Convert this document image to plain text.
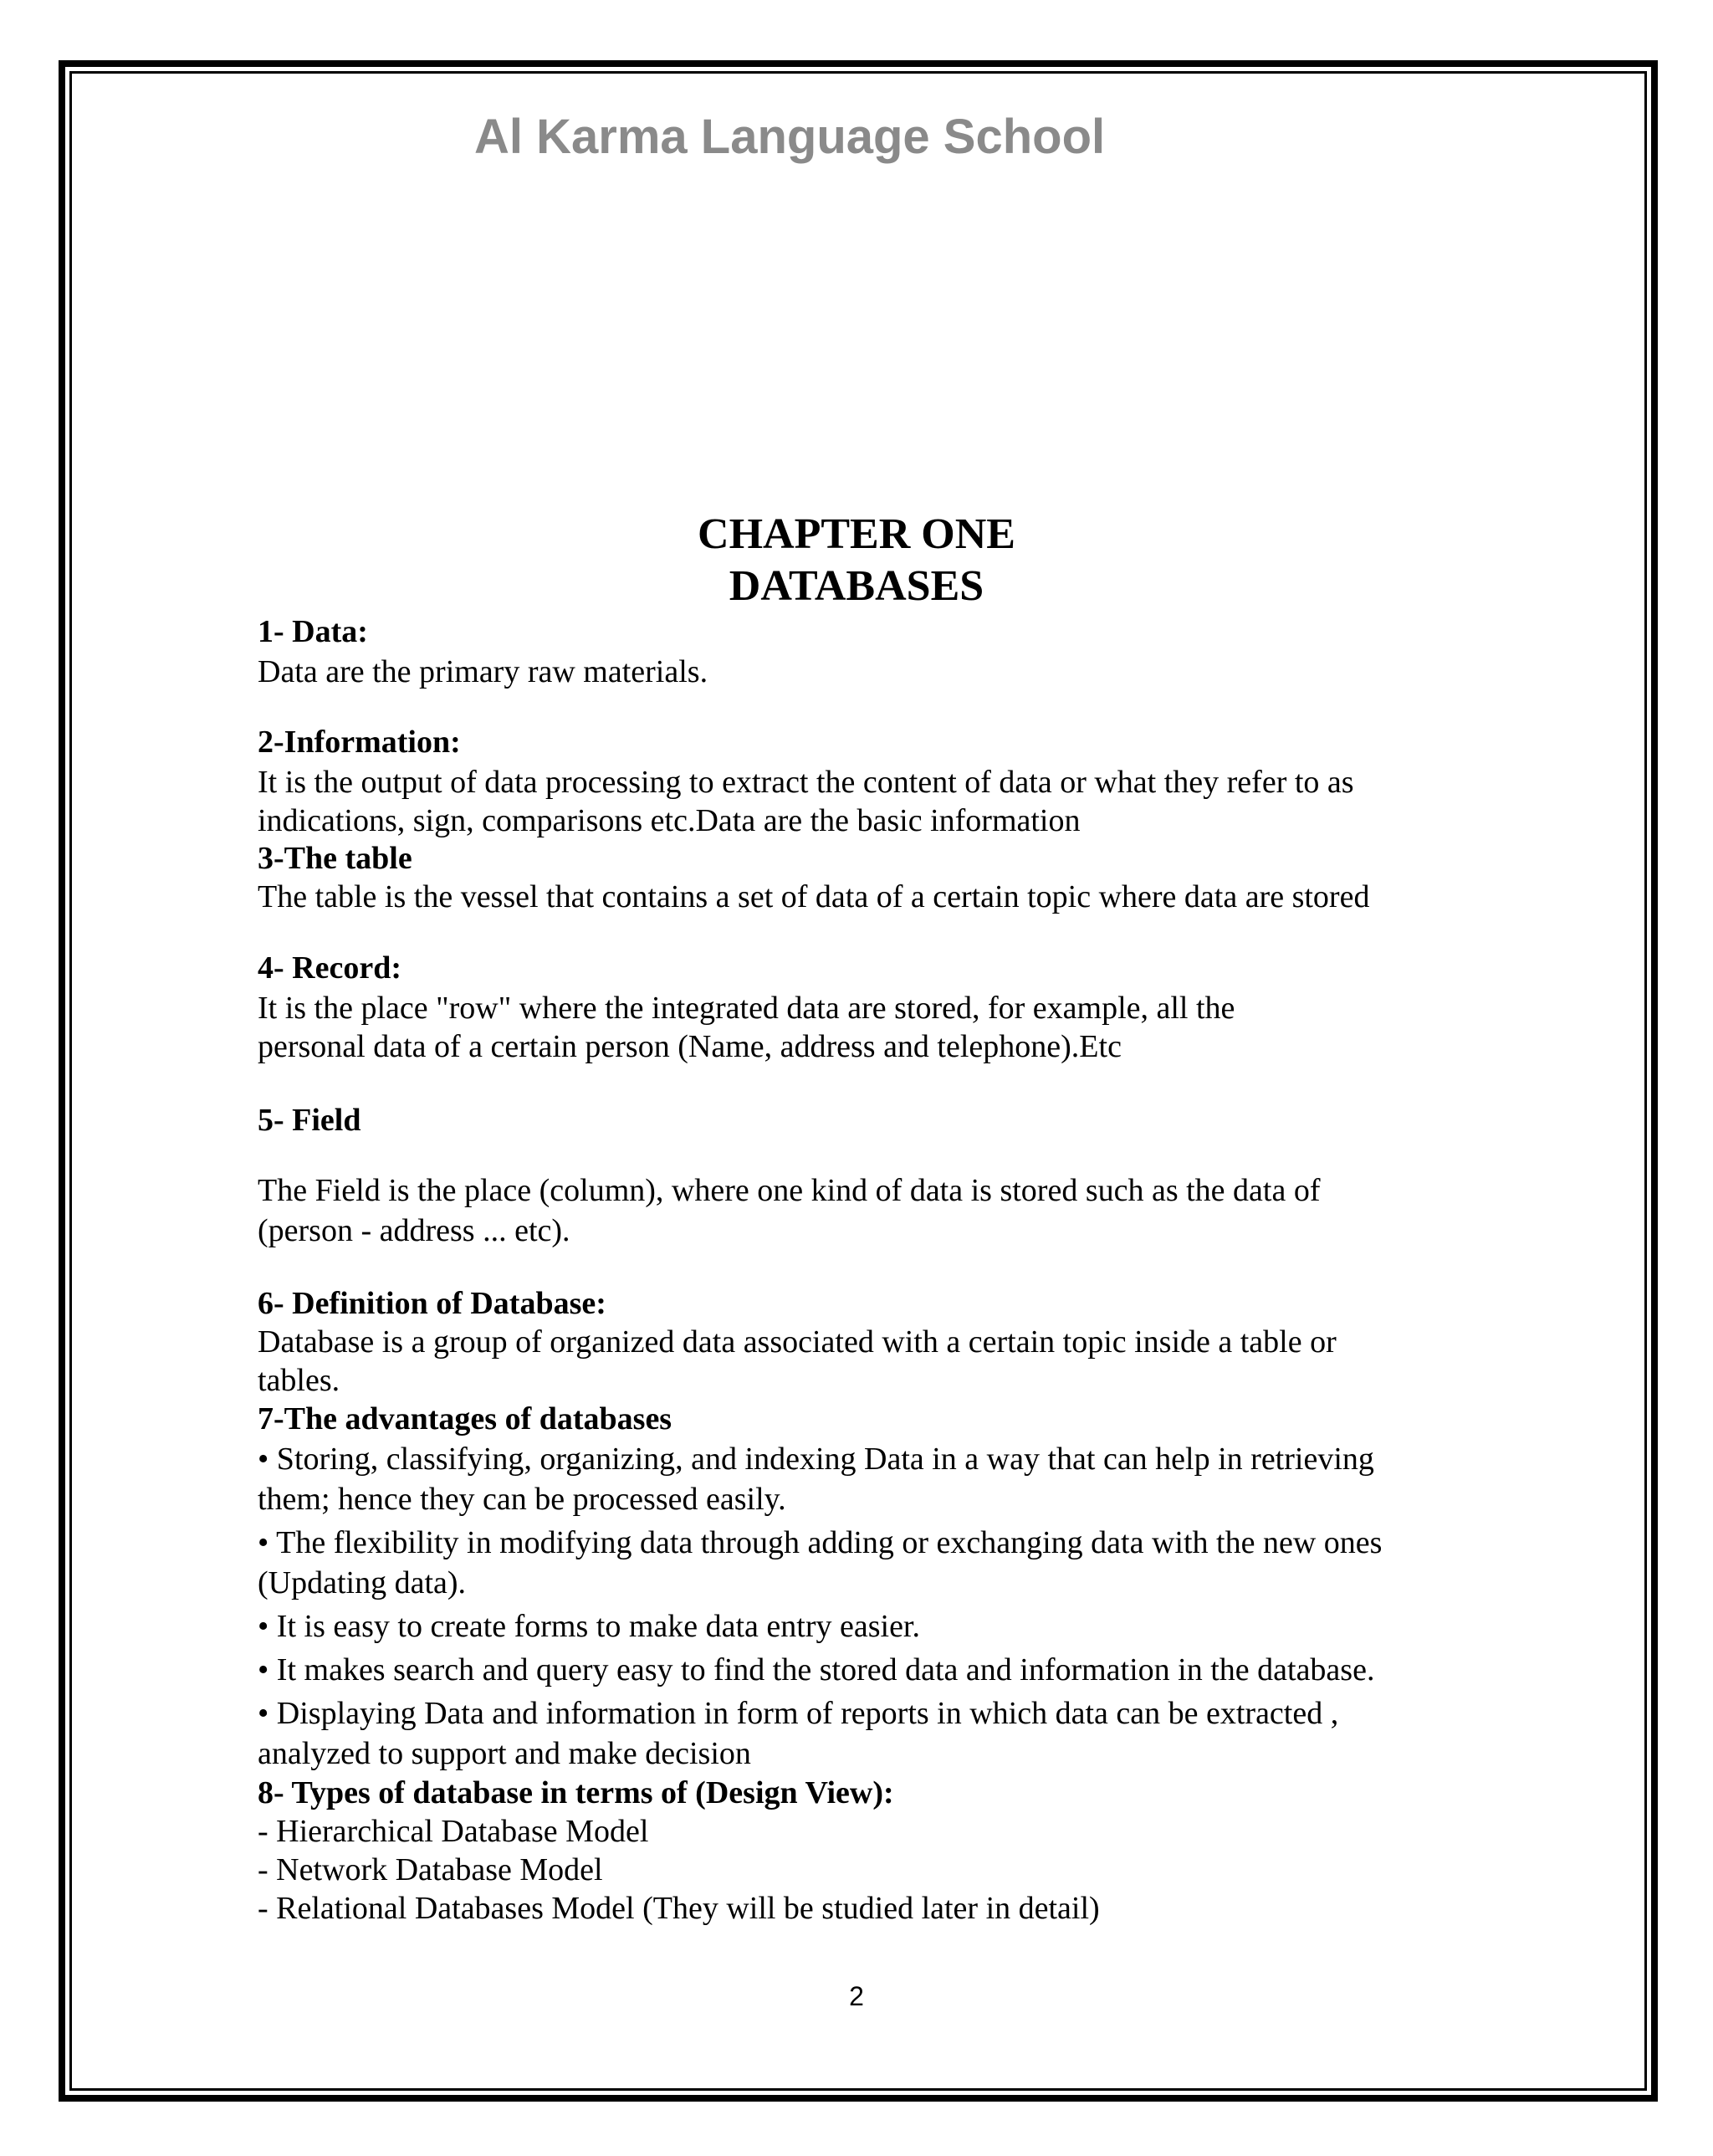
Al Karma Language School
CHAPTER ONE
DATABASES
1- Data:
Data are the primary raw materials.
2-Information:
It is the output of data processing to extract the content of data or what they refer to as
indications, sign, comparisons etc.Data are the basic information
3-The table
The table is the vessel that contains a set of data of a certain topic where data are stored
4- Record:
It is the place "row" where the integrated data are stored, for example, all the
personal data of a certain person (Name, address and telephone).Etc
5- Field
The Field is the place (column), where one kind of data is stored such as the data of
(person - address ... etc).
6- Definition of Database:
Database is a group of organized data associated with a certain topic inside a table or
tables.
7-The advantages of databases
• Storing, classifying, organizing, and indexing Data in a way that can help in retrieving
them; hence they can be processed easily.
• The flexibility in modifying data through adding or exchanging data with the new ones
(Updating data).
• It is easy to create forms to make data entry easier.
• It makes search and query easy to find the stored data and information in the database.
• Displaying Data and information in form of reports in which data can be extracted ,
analyzed to support and make decision
8- Types of database in terms of (Design View):
- Hierarchical Database Model
- Network Database Model
- Relational Databases Model (They will be studied later in detail)
2
